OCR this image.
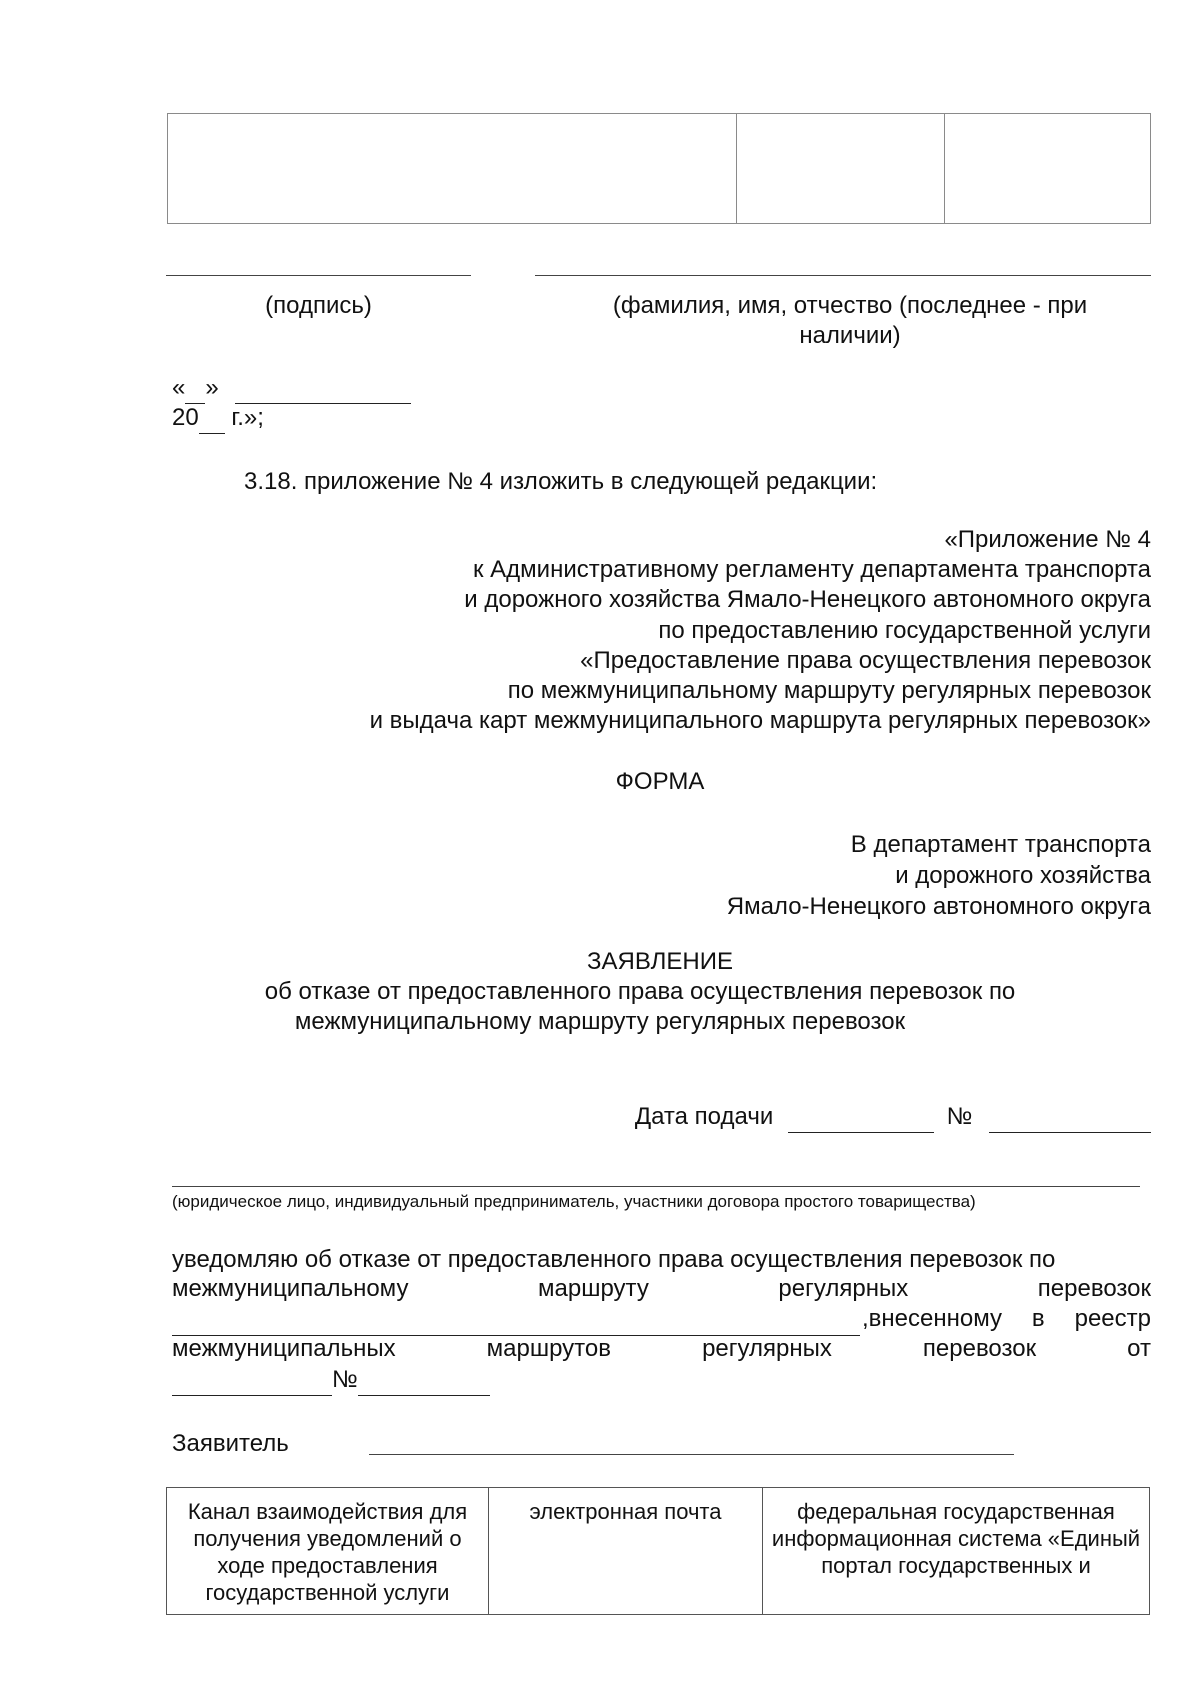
(подпись)	(фамилия, имя, отчество (последнее - при
наличии)
« »
20  г.»;
3.18. приложение № 4 изложить в следующей редакции:
«Приложение № 4
к Административному регламенту департамента транспорта
и дорожного хозяйства Ямало-Ненецкого автономного округа
по предоставлению государственной услуги
«Предоставление права осуществления перевозок
по межмуниципальному маршруту регулярных перевозок
и выдача карт межмуниципального маршрута регулярных перевозок»
ФОРМА
В департамент транспорта
и дорожного хозяйства
Ямало-Ненецкого автономного округа
ЗАЯВЛЕНИЕ
об отказе от предоставленного права осуществления перевозок по
межмуниципальному маршруту регулярных перевозок
Дата подачи	№
(юридическое лицо, индивидуальный предприниматель, участники договора простого товарищества)
уведомляю об отказе от предоставленного права осуществления перевозок по
межмуниципальному	маршруту	регулярных	перевозок

,внесенному в реестр
межмуниципальных	маршрутов	регулярных	перевозок	от
№
Заявитель
Канал взаимодействия для получения уведомлений о ходе предоставления государственной услуги	электронная почта	федеральная государственная информационная система «Единый портал государственных и
